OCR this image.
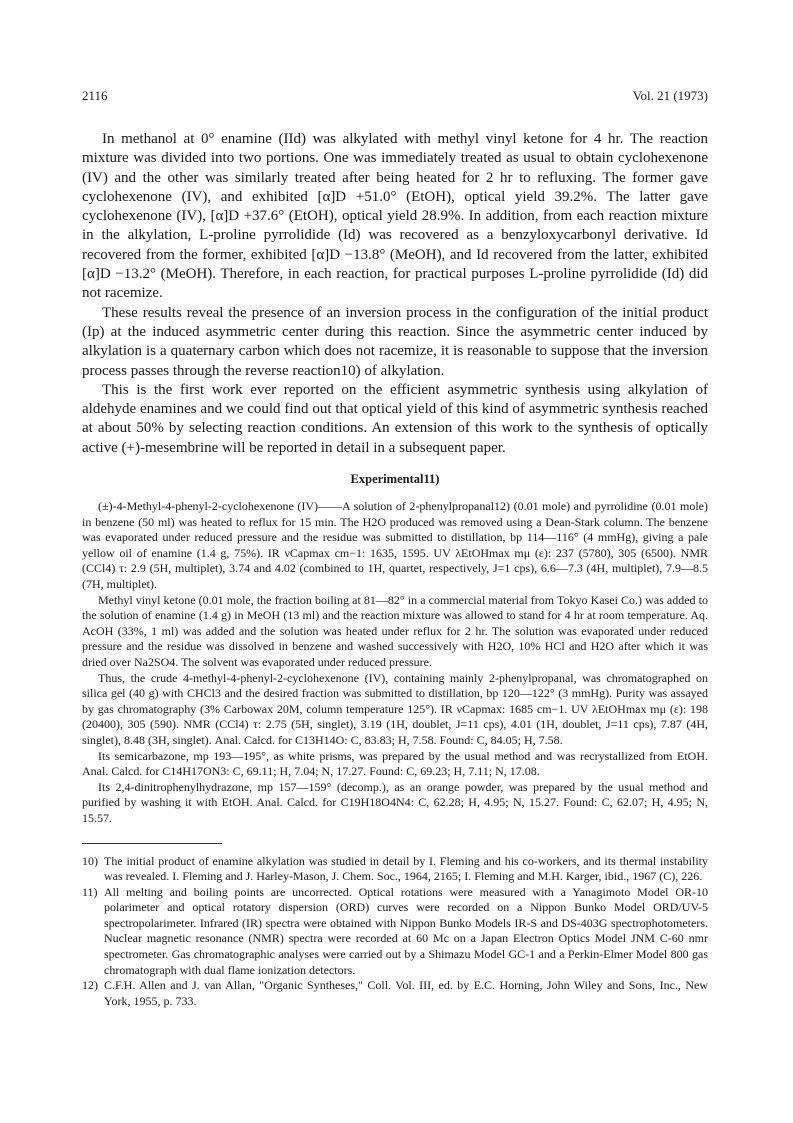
2116	Vol. 21 (1973)

In methanol at 0° enamine (IId) was alkylated with methyl vinyl ketone for 4 hr. The reaction mixture was divided into two portions. One was immediately treated as usual to obtain cyclohexenone (IV) and the other was similarly treated after being heated for 2 hr to refluxing. The former gave cyclohexenone (IV), and exhibited [α]D +51.0° (EtOH), optical yield 39.2%. The latter gave cyclohexenone (IV), [α]D +37.6° (EtOH), optical yield 28.9%. In addition, from each reaction mixture in the alkylation, L-proline pyrrolidide (Id) was recovered as a benzyloxycarbonyl derivative. Id recovered from the former, exhibited [α]D −13.8° (MeOH), and Id recovered from the latter, exhibited [α]D −13.2° (MeOH). Therefore, in each reaction, for practical purposes L-proline pyrrolidide (Id) did not racemize.

These results reveal the presence of an inversion process in the configuration of the initial product (Ip) at the induced asymmetric center during this reaction. Since the asymmetric center induced by alkylation is a quaternary carbon which does not racemize, it is reasonable to suppose that the inversion process passes through the reverse reaction10) of alkylation.

This is the first work ever reported on the efficient asymmetric synthesis using alkylation of aldehyde enamines and we could find out that optical yield of this kind of asymmetric synthesis reached at about 50% by selecting reaction conditions. An extension of this work to the synthesis of optically active (+)-mesembrine will be reported in detail in a subsequent paper.

Experimental11)

(±)-4-Methyl-4-phenyl-2-cyclohexenone (IV)——A solution of 2-phenylpropanal12) (0.01 mole) and pyrrolidine (0.01 mole) in benzene (50 ml) was heated to reflux for 15 min. The H2O produced was removed using a Dean-Stark column. The benzene was evaporated under reduced pressure and the residue was submitted to distillation, bp 114—116° (4 mmHg), giving a pale yellow oil of enamine (1.4 g, 75%). IR νCapmax cm−1: 1635, 1595. UV λEtOHmax mμ (ε): 237 (5780), 305 (6500). NMR (CCl4) τ: 2.9 (5H, multiplet), 3.74 and 4.02 (combined to 1H, quartet, respectively, J=1 cps), 6.6—7.3 (4H, multiplet), 7.9—8.5 (7H, multiplet).

Methyl vinyl ketone (0.01 mole, the fraction boiling at 81—82° in a commercial material from Tokyo Kasei Co.) was added to the solution of enamine (1.4 g) in MeOH (13 ml) and the reaction mixture was allowed to stand for 4 hr at room temperature. Aq. AcOH (33%, 1 ml) was added and the solution was heated under reflux for 2 hr. The solution was evaporated under reduced pressure and the residue was dissolved in benzene and washed successively with H2O, 10% HCl and H2O after which it was dried over Na2SO4. The solvent was evaporated under reduced pressure.

Thus, the crude 4-methyl-4-phenyl-2-cyclohexenone (IV), containing mainly 2-phenylpropanal, was chromatographed on silica gel (40 g) with CHCl3 and the desired fraction was submitted to distillation, bp 120—122° (3 mmHg). Purity was assayed by gas chromatography (3% Carbowax 20M, column temperature 125°). IR νCapmax: 1685 cm−1. UV λEtOHmax mμ (ε): 198 (20400), 305 (590). NMR (CCl4) τ: 2.75 (5H, singlet), 3.19 (1H, doublet, J=11 cps), 4.01 (1H, doublet, J=11 cps), 7.87 (4H, singlet), 8.48 (3H, singlet). Anal. Calcd. for C13H14O: C, 83.83; H, 7.58. Found: C, 84.05; H, 7.58.

Its semicarbazone, mp 193—195°, as white prisms, was prepared by the usual method and was recrystallized from EtOH. Anal. Calcd. for C14H17ON3: C, 69.11; H, 7.04; N, 17.27. Found: C, 69.23; H, 7.11; N, 17.08.

Its 2,4-dinitrophenylhydrazone, mp 157—159° (decomp.), as an orange powder, was prepared by the usual method and purified by washing it with EtOH. Anal. Calcd. for C19H18O4N4: C, 62.28; H, 4.95; N, 15.27. Found: C, 62.07; H, 4.95; N, 15.57.

10) The initial product of enamine alkylation was studied in detail by I. Fleming and his co-workers, and its thermal instability was revealed. I. Fleming and J. Harley-Mason, J. Chem. Soc., 1964, 2165; I. Fleming and M.H. Karger, ibid., 1967 (C), 226.
11) All melting and boiling points are uncorrected. Optical rotations were measured with a Yanagimoto Model OR-10 polarimeter and optical rotatory dispersion (ORD) curves were recorded on a Nippon Bunko Model ORD/UV-5 spectropolarimeter. Infrared (IR) spectra were obtained with Nippon Bunko Models IR-S and DS-403G spectrophotometers. Nuclear magnetic resonance (NMR) spectra were recorded at 60 Mc on a Japan Electron Optics Model JNM C-60 nmr spectrometer. Gas chromatographic analyses were carried out by a Shimazu Model GC-1 and a Perkin-Elmer Model 800 gas chromatograph with dual flame ionization detectors.
12) C.F.H. Allen and J. van Allan, "Organic Syntheses," Coll. Vol. III, ed. by E.C. Horning, John Wiley and Sons, Inc., New York, 1955, p. 733.
